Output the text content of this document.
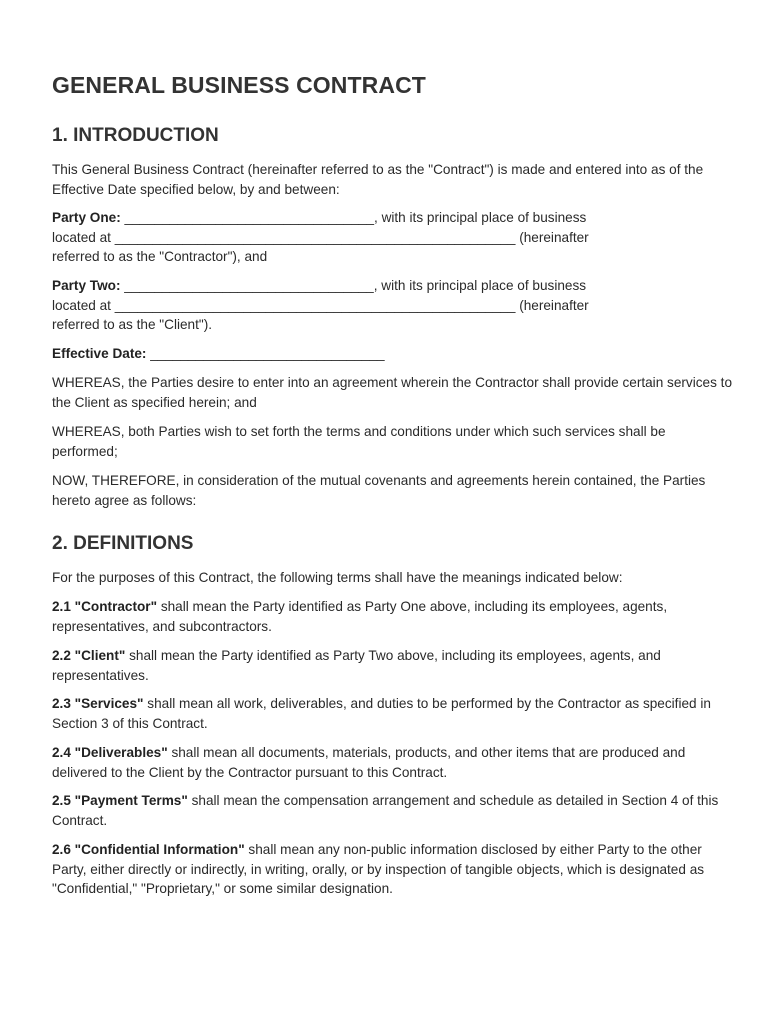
GENERAL BUSINESS CONTRACT
1. INTRODUCTION

This General Business Contract (hereinafter referred to as the "Contract") is made and entered into as of the Effective Date specified below, by and between:

Party One: _________________________________, with its principal place of business
located at _____________________________________________________ (hereinafter
referred to as the "Contractor"), and

Party Two: _________________________________, with its principal place of business
located at _____________________________________________________ (hereinafter
referred to as the "Client").

Effective Date: _______________________________

WHEREAS, the Parties desire to enter into an agreement wherein the Contractor shall provide certain services to the Client as specified herein; and

WHEREAS, both Parties wish to set forth the terms and conditions under which such services shall be performed;

NOW, THEREFORE, in consideration of the mutual covenants and agreements herein contained, the Parties hereto agree as follows:

2. DEFINITIONS

For the purposes of this Contract, the following terms shall have the meanings indicated below:

2.1 "Contractor" shall mean the Party identified as Party One above, including its employees, agents, representatives, and subcontractors.

2.2 "Client" shall mean the Party identified as Party Two above, including its employees, agents, and representatives.

2.3 "Services" shall mean all work, deliverables, and duties to be performed by the Contractor as specified in Section 3 of this Contract.

2.4 "Deliverables" shall mean all documents, materials, products, and other items that are produced and delivered to the Client by the Contractor pursuant to this Contract.

2.5 "Payment Terms" shall mean the compensation arrangement and schedule as detailed in Section 4 of this Contract.

2.6 "Confidential Information" shall mean any non-public information disclosed by either Party to the other Party, either directly or indirectly, in writing, orally, or by inspection of tangible objects, which is designated as "Confidential," "Proprietary," or some similar designation.
